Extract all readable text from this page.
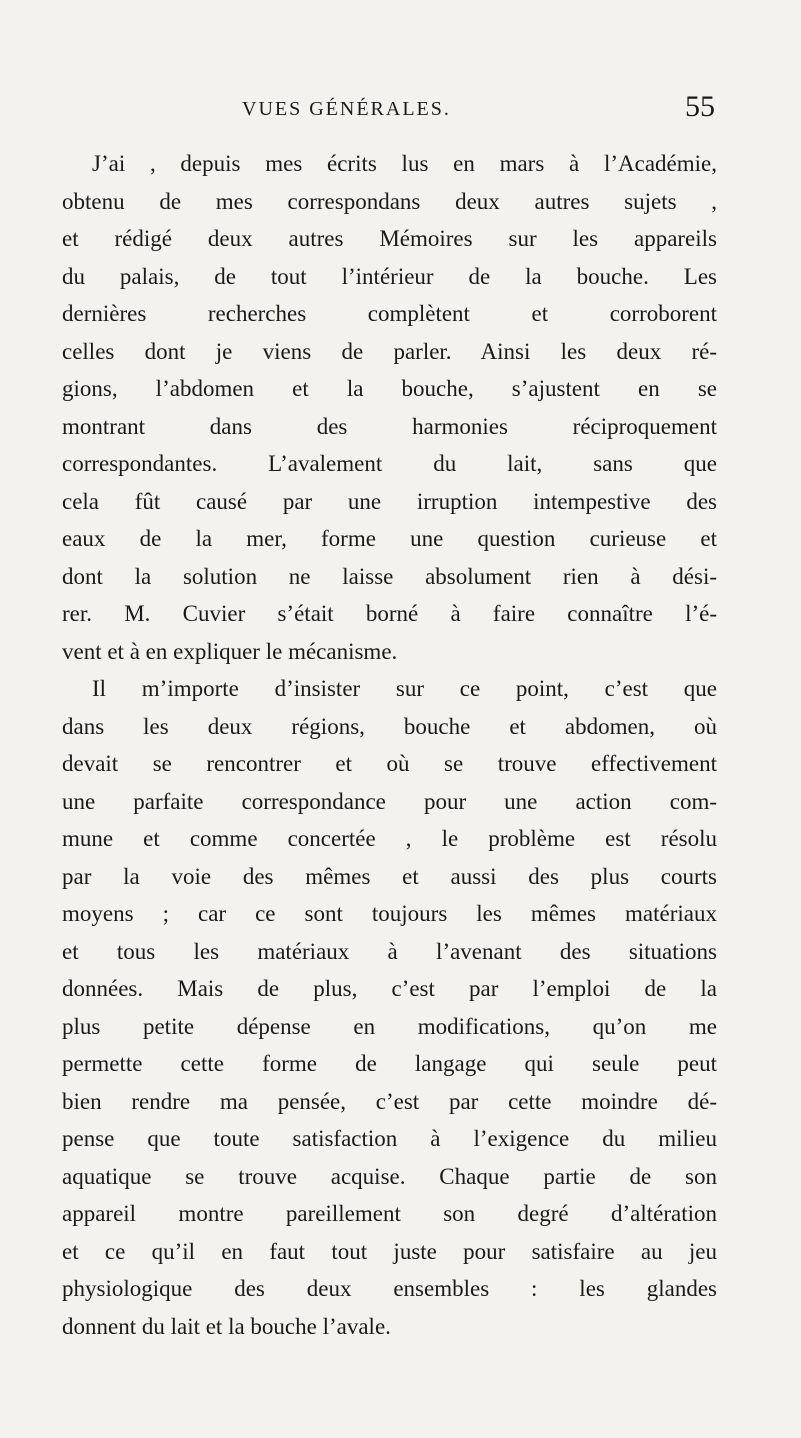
VUES GÉNÉRALES.	55
J’ai , depuis mes écrits lus en mars à l’Académie,
obtenu de mes correspondans deux autres sujets ,
et rédigé deux autres Mémoires sur les appareils
du palais, de tout l’intérieur de la bouche. Les
dernières recherches complètent et corroborent
celles dont je viens de parler. Ainsi les deux ré-
gions, l’abdomen et la bouche, s’ajustent en se
montrant dans des harmonies réciproquement
correspondantes. L’avalement du lait, sans que
cela fût causé par une irruption intempestive des
eaux de la mer, forme une question curieuse et
dont la solution ne laisse absolument rien à dési-
rer. M. Cuvier s’était borné à faire connaître l’é-
vent et à en expliquer le mécanisme.
Il m’importe d’insister sur ce point, c’est que
dans les deux régions, bouche et abdomen, où
devait se rencontrer et où se trouve effectivement
une parfaite correspondance pour une action com-
mune et comme concertée , le problème est résolu
par la voie des mêmes et aussi des plus courts
moyens ; car ce sont toujours les mêmes matériaux
et tous les matériaux à l’avenant des situations
données. Mais de plus, c’est par l’emploi de la
plus petite dépense en modifications, qu’on me
permette cette forme de langage qui seule peut
bien rendre ma pensée, c’est par cette moindre dé-
pense que toute satisfaction à l’exigence du milieu
aquatique se trouve acquise. Chaque partie de son
appareil montre pareillement son degré d’altération
et ce qu’il en faut tout juste pour satisfaire au jeu
physiologique des deux ensembles : les glandes
donnent du lait et la bouche l’avale.
